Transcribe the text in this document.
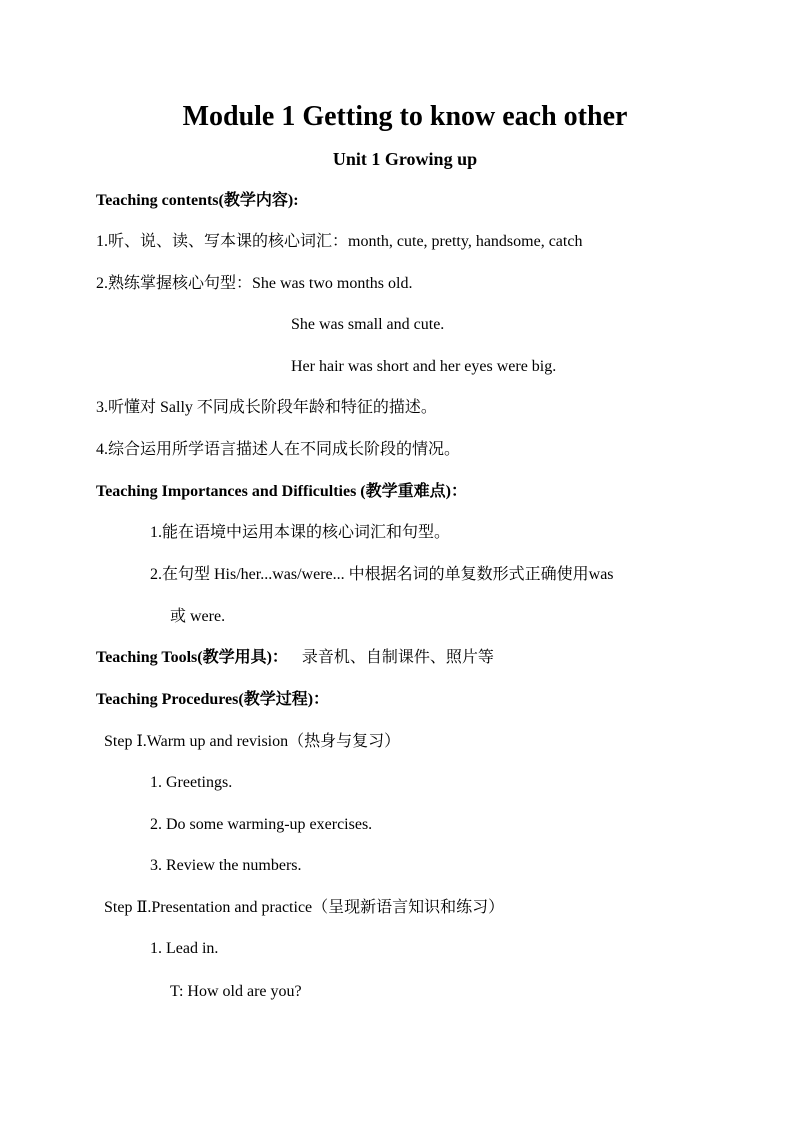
Module 1 Getting to know each other
Unit 1 Growing up
Teaching contents(教学内容):
1.听、说、读、写本课的核心词汇：month, cute, pretty, handsome, catch
2.熟练掌握核心句型：She was two months old.
She was small and cute.
Her hair was short and her eyes were big.
3.听懂对 Sally 不同成长阶段年龄和特征的描述。
4.综合运用所学语言描述人在不同成长阶段的情况。
Teaching Importances and Difficulties (教学重难点)：
1.能在语境中运用本课的核心词汇和句型。
2.在句型 His/her...was/were... 中根据名词的单复数形式正确使用was
或 were.
Teaching Tools(教学用具)： 录音机、自制课件、照片等
Teaching Procedures(教学过程)：
Step Ⅰ.Warm up and revision（热身与复习）
1. Greetings.
2. Do some warming-up exercises.
3. Review the numbers.
Step Ⅱ.Presentation and practice（呈现新语言知识和练习）
1. Lead in.
T: How old are you?
